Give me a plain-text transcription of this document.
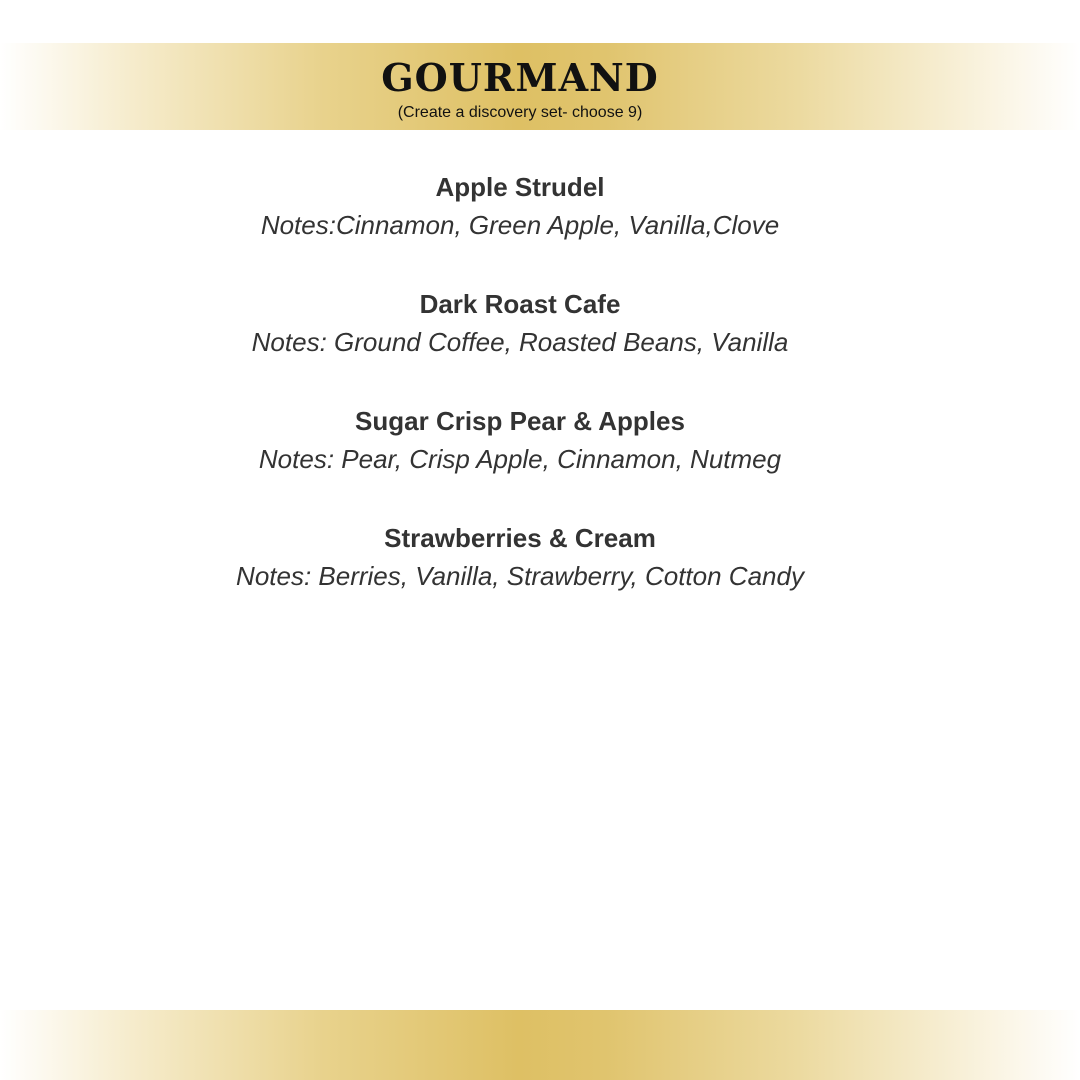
GOURMAND
(Create a discovery set- choose 9)

Apple Strudel

Notes:Cinnamon, Green Apple, Vanilla,Clove

Dark Roast Cafe

Notes: Ground Coffee, Roasted Beans, Vanilla

Sugar Crisp Pear & Apples

Notes: Pear, Crisp Apple, Cinnamon, Nutmeg

Strawberries & Cream

Notes: Berries, Vanilla, Strawberry, Cotton Candy
